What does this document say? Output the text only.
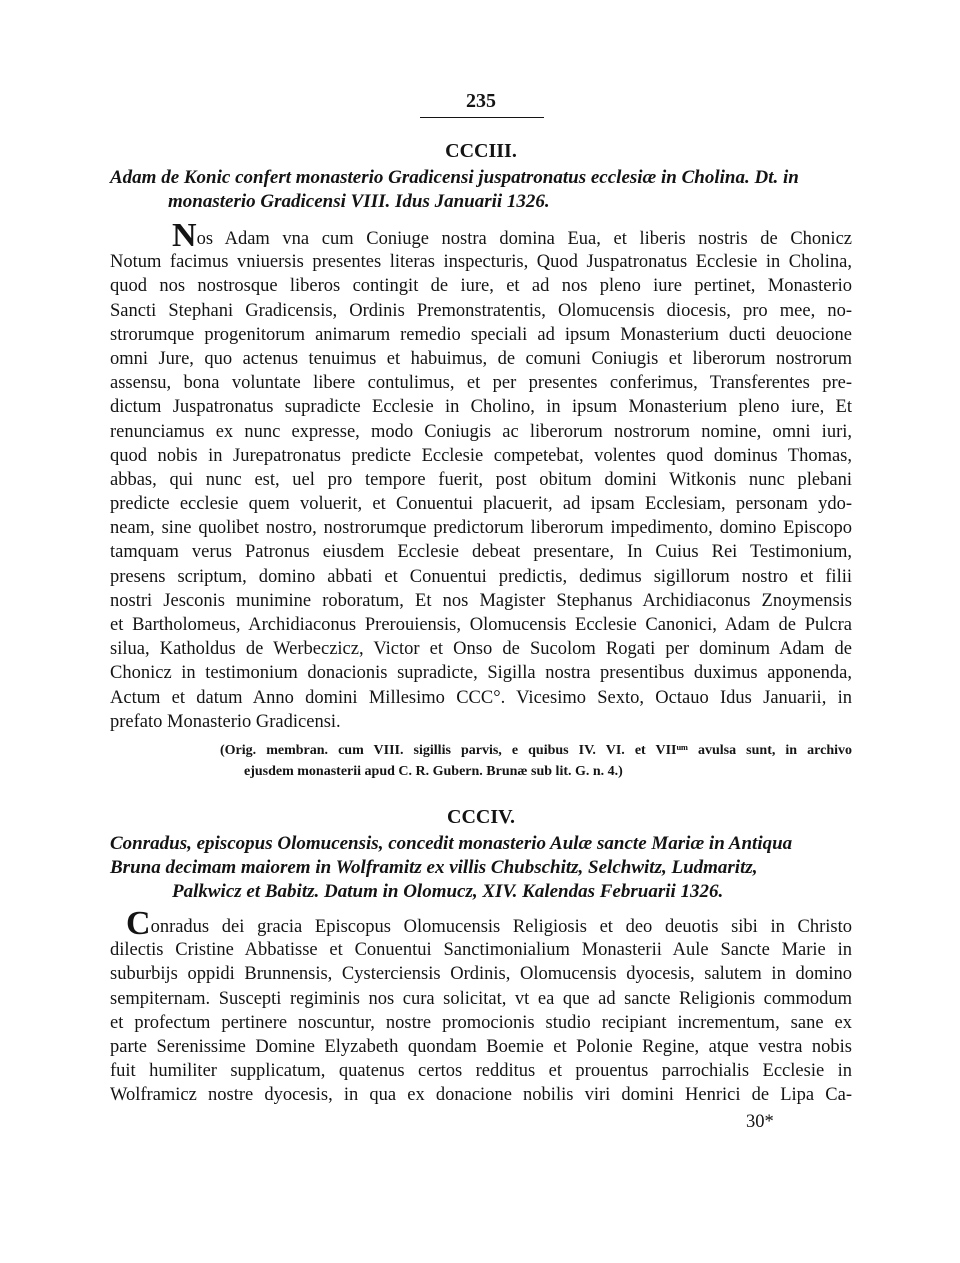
235
CCCIII.
Adam de Konic confert monasterio Gradicensi juspatronatus ecclesiæ in Cholina. Dt. in
monasterio Gradicensi VIII. Idus Januarii 1326.
Nos Adam vna cum Coniuge nostra domina Eua, et liberis nostris de Chonicz
Notum facimus vniuersis presentes literas inspecturis, Quod Juspatronatus Ecclesie in Cholina,
quod nos nostrosque liberos contingit de iure, et ad nos pleno iure pertinet, Monasterio
Sancti Stephani Gradicensis, Ordinis Premonstratentis, Olomucensis diocesis, pro mee, no-
strorumque progenitorum animarum remedio speciali ad ipsum Monasterium ducti deuocione
omni Jure, quo actenus tenuimus et habuimus, de comuni Coniugis et liberorum nostrorum
assensu, bona voluntate libere contulimus, et per presentes conferimus, Transferentes pre-
dictum Juspatronatus supradicte Ecclesie in Cholino, in ipsum Monasterium pleno iure, Et
renunciamus ex nunc expresse, modo Coniugis ac liberorum nostrorum nomine, omni iuri,
quod nobis in Jurepatronatus predicte Ecclesie competebat, volentes quod dominus Thomas,
abbas, qui nunc est, uel pro tempore fuerit, post obitum domini Witkonis nunc plebani
predicte ecclesie quem voluerit, et Conuentui placuerit, ad ipsam Ecclesiam, personam ydo-
neam, sine quolibet nostro, nostrorumque predictorum liberorum impedimento, domino Episcopo
tamquam verus Patronus eiusdem Ecclesie debeat presentare, In Cuius Rei Testimonium,
presens scriptum, domino abbati et Conuentui predictis, dedimus sigillorum nostro et filii
nostri Jesconis munimine roboratum, Et nos Magister Stephanus Archidiaconus Znoymensis
et Bartholomeus, Archidiaconus Prerouiensis, Olomucensis Ecclesie Canonici, Adam de Pulcra
silua, Katholdus de Werbeczicz, Victor et Onso de Sucolom Rogati per dominum Adam de
Chonicz in testimonium donacionis supradicte, Sigilla nostra presentibus duximus apponenda,
Actum et datum Anno domini Millesimo CCC°. Vicesimo Sexto, Octauo Idus Januarii, in
prefato Monasterio Gradicensi.
(Orig. membran. cum VIII. sigillis parvis, e quibus IV. VI. et VIIᵘᵐ avulsa sunt, in archivo
ejusdem monasterii apud C. R. Gubern. Brunæ sub lit. G. n. 4.)
CCCIV.
Conradus, episcopus Olomucensis, concedit monasterio Aulæ sancte Mariæ in Antiqua
Bruna decimam maiorem in Wolframitz ex villis Chubschitz, Selchwitz, Ludmaritz,
Palkwicz et Babitz. Datum in Olomucz, XIV. Kalendas Februarii 1326.
Conradus dei gracia Episcopus Olomucensis Religiosis et deo deuotis sibi in Christo
dilectis Cristine Abbatisse et Conuentui Sanctimonialium Monasterii Aule Sancte Marie in
suburbijs oppidi Brunnensis, Cysterciensis Ordinis, Olomucensis dyocesis, salutem in domino
sempiternam. Suscepti regiminis nos cura solicitat, vt ea que ad sancte Religionis commodum
et profectum pertinere noscuntur, nostre promocionis studio recipiant incrementum, sane ex
parte Serenissime Domine Elyzabeth quondam Boemie et Polonie Regine, atque vestra nobis
fuit humiliter supplicatum, quatenus certos redditus et prouentus parrochialis Ecclesie in
Wolframicz nostre dyocesis, in qua ex donacione nobilis viri domini Henrici de Lipa Ca-
30*
